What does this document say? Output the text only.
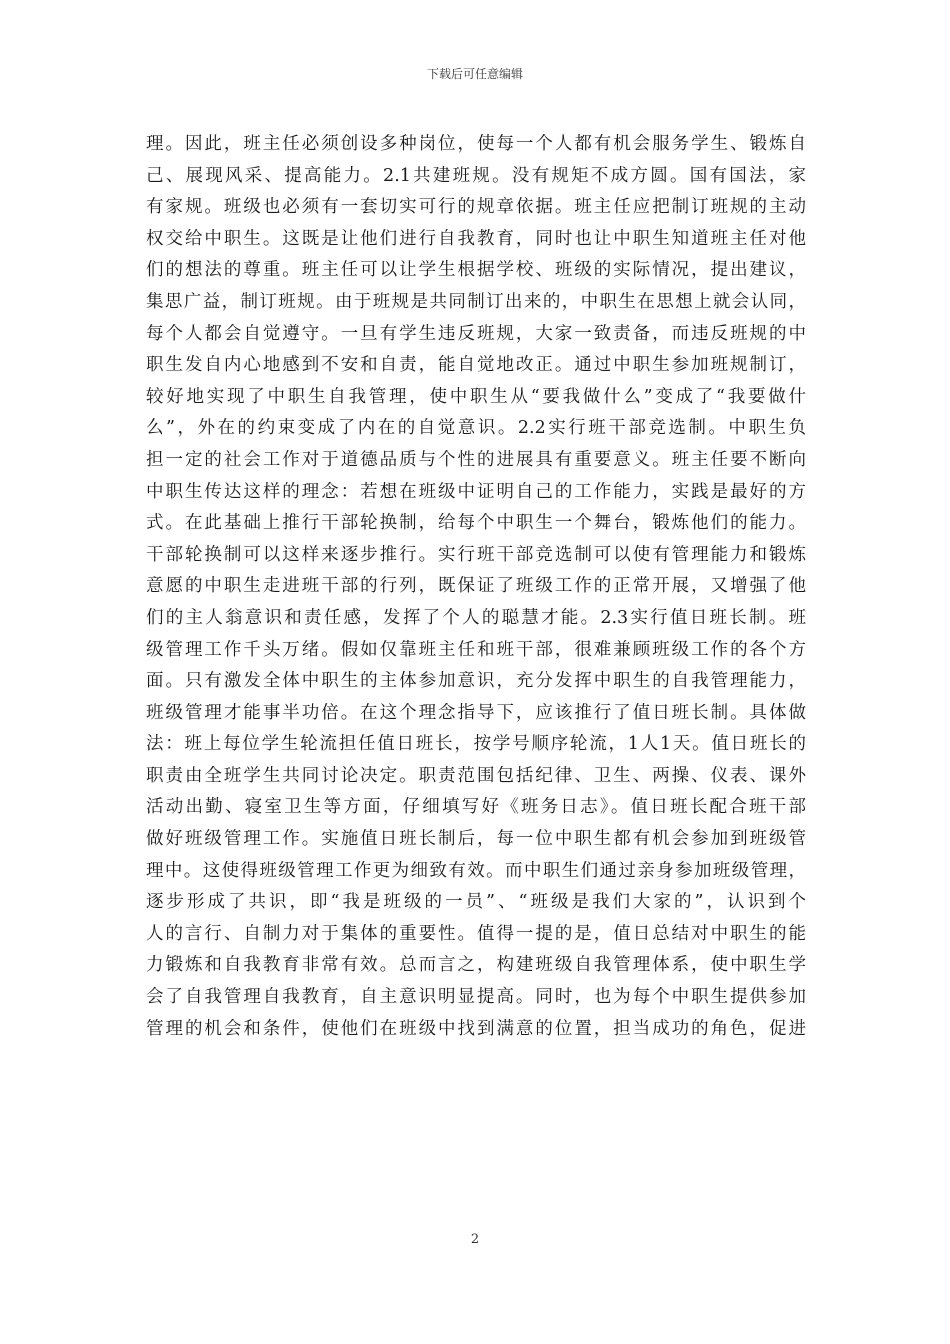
下载后可任意编辑
理。因此，班主任必须创设多种岗位，使每一个人都有机会服务学生、锻炼自
己、展现风采、提高能力。2.1共建班规。没有规矩不成方圆。国有国法，家
有家规。班级也必须有一套切实可行的规章依据。班主任应把制订班规的主动
权交给中职生。这既是让他们进行自我教育，同时也让中职生知道班主任对他
们的想法的尊重。班主任可以让学生根据学校、班级的实际情况，提出建议，
集思广益，制订班规。由于班规是共同制订出来的，中职生在思想上就会认同，
每个人都会自觉遵守。一旦有学生违反班规，大家一致责备，而违反班规的中
职生发自内心地感到不安和自责，能自觉地改正。通过中职生参加班规制订，
较好地实现了中职生自我管理，使中职生从“要我做什么”变成了“我要做什
么”，外在的约束变成了内在的自觉意识。2.2实行班干部竞选制。中职生负
担一定的社会工作对于道德品质与个性的进展具有重要意义。班主任要不断向
中职生传达这样的理念：若想在班级中证明自己的工作能力，实践是最好的方
式。在此基础上推行干部轮换制，给每个中职生一个舞台，锻炼他们的能力。
干部轮换制可以这样来逐步推行。实行班干部竞选制可以使有管理能力和锻炼
意愿的中职生走进班干部的行列，既保证了班级工作的正常开展，又增强了他
们的主人翁意识和责任感，发挥了个人的聪慧才能。2.3实行值日班长制。班
级管理工作千头万绪。假如仅靠班主任和班干部，很难兼顾班级工作的各个方
面。只有激发全体中职生的主体参加意识，充分发挥中职生的自我管理能力，
班级管理才能事半功倍。在这个理念指导下，应该推行了值日班长制。具体做
法：班上每位学生轮流担任值日班长，按学号顺序轮流，1人1天。值日班长的
职责由全班学生共同讨论决定。职责范围包括纪律、卫生、两操、仪表、课外
活动出勤、寝室卫生等方面，仔细填写好《班务日志》。值日班长配合班干部
做好班级管理工作。实施值日班长制后，每一位中职生都有机会参加到班级管
理中。这使得班级管理工作更为细致有效。而中职生们通过亲身参加班级管理，
逐步形成了共识，即“我是班级的一员”、“班级是我们大家的”，认识到个
人的言行、自制力对于集体的重要性。值得一提的是，值日总结对中职生的能
力锻炼和自我教育非常有效。总而言之，构建班级自我管理体系，使中职生学
会了自我管理自我教育，自主意识明显提高。同时，也为每个中职生提供参加
管理的机会和条件，使他们在班级中找到满意的位置，担当成功的角色，促进
2
